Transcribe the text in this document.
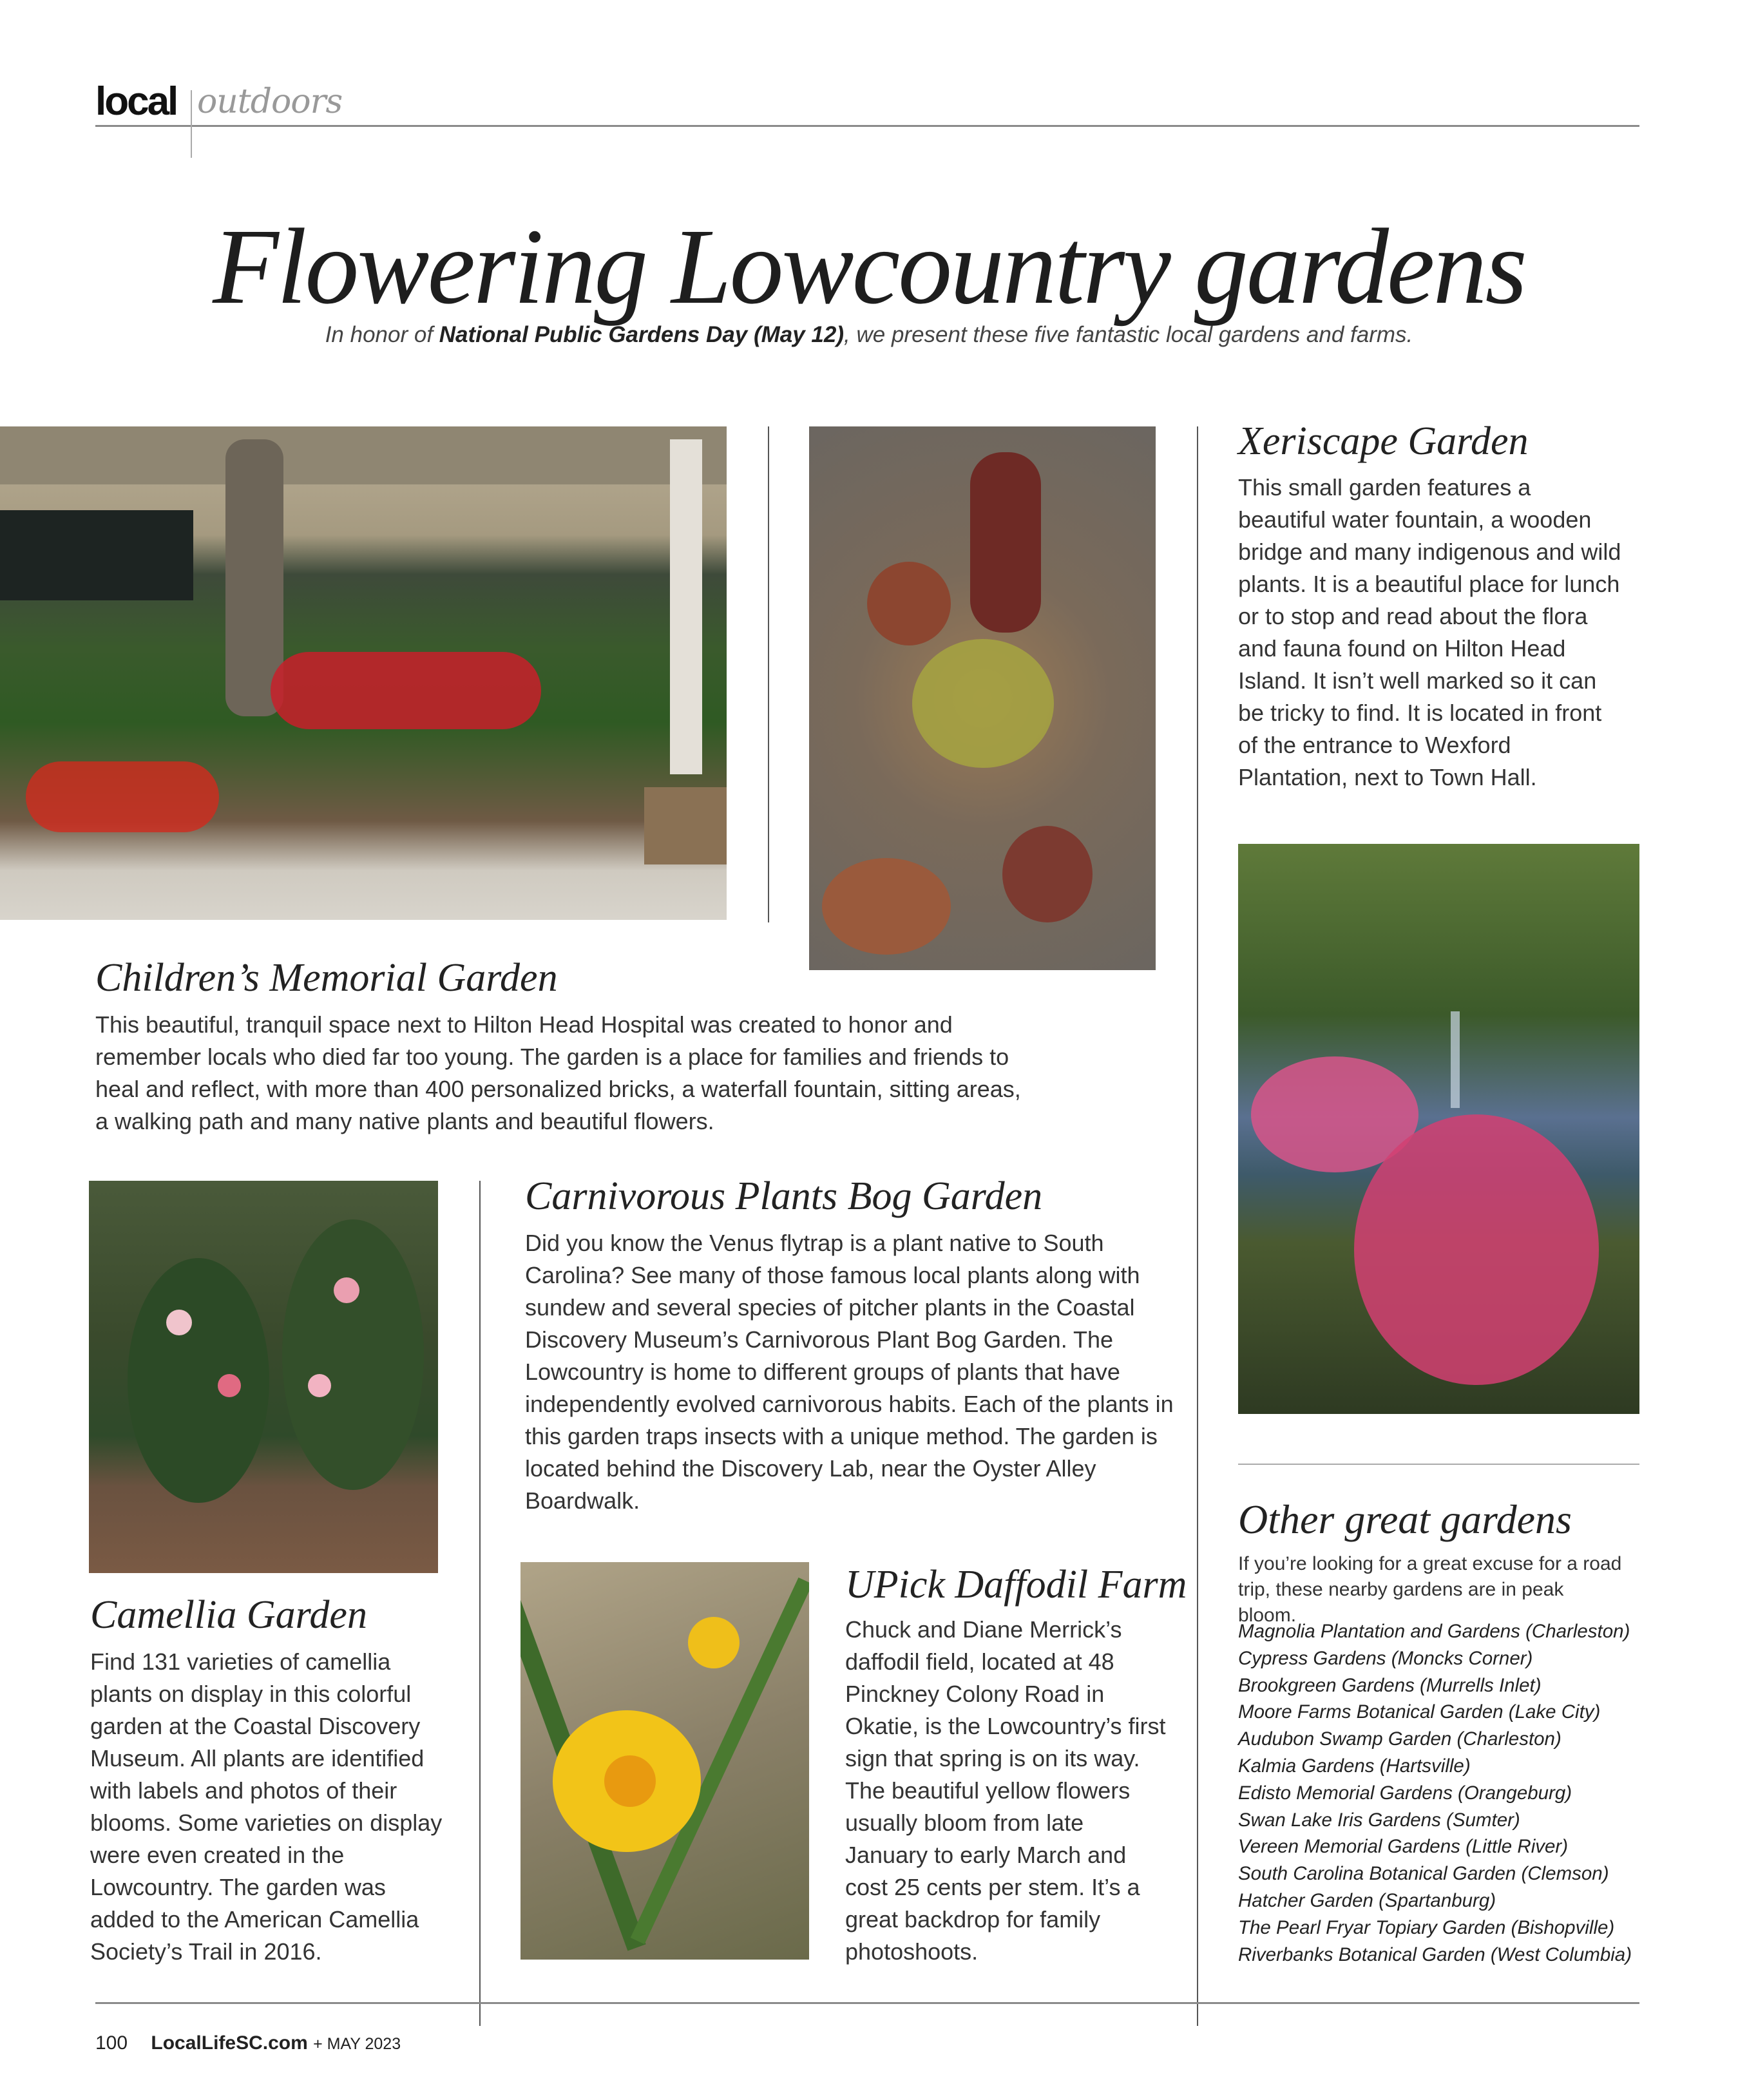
local outdoors
Flowering Lowcountry gardens
In honor of National Public Gardens Day (May 12), we present these five fantastic local gardens and farms.
Xeriscape Garden
This small garden features a beautiful water fountain, a wooden bridge and many indigenous and wild plants. It is a beautiful place for lunch or to stop and read about the flora and fauna found on Hilton Head Island. It isn’t well marked so it can be tricky to find. It is located in front of the entrance to Wexford Plantation, next to Town Hall.
Other great gardens
If you’re looking for a great excuse for a road trip, these nearby gardens are in peak bloom.
Magnolia Plantation and Gardens (Charleston)
Cypress Gardens (Moncks Corner)
Brookgreen Gardens (Murrells Inlet)
Moore Farms Botanical Garden (Lake City)
Audubon Swamp Garden (Charleston)
Kalmia Gardens (Hartsville)
Edisto Memorial Gardens (Orangeburg)
Swan Lake Iris Gardens (Sumter)
Vereen Memorial Gardens (Little River)
South Carolina Botanical Garden (Clemson)
Hatcher Garden (Spartanburg)
The Pearl Fryar Topiary Garden (Bishopville)
Riverbanks Botanical Garden (West Columbia)
Children’s Memorial Garden
This beautiful, tranquil space next to Hilton Head Hospital was created to honor and remember locals who died far too young. The garden is a place for families and friends to heal and reflect, with more than 400 personalized bricks, a waterfall fountain, sitting areas, a walking path and many native plants and beautiful flowers.
Carnivorous Plants Bog Garden
Did you know the Venus flytrap is a plant native to South Carolina? See many of those famous local plants along with sundew and several species of pitcher plants in the Coastal Discovery Museum’s Carnivorous Plant Bog Garden. The Lowcountry is home to different groups of plants that have independently evolved carnivorous habits. Each of the plants in this garden traps insects with a unique method. The garden is located behind the Discovery Lab, near the Oyster Alley Boardwalk.
Camellia Garden
Find 131 varieties of camellia plants on display in this colorful garden at the Coastal Discovery Museum. All plants are identified with labels and photos of their blooms. Some varieties on display were even created in the Lowcountry. The garden was added to the American Camellia Society’s Trail in 2016.
UPick Daffodil Farm
Chuck and Diane Merrick’s daffodil field, located at 48 Pinckney Colony Road in Okatie, is the Lowcountry’s first sign that spring is on its way. The beautiful yellow flowers usually bloom from late January to early March and cost 25 cents per stem. It’s a great backdrop for family photoshoots.
100 LocalLifeSC.com + MAY 2023
